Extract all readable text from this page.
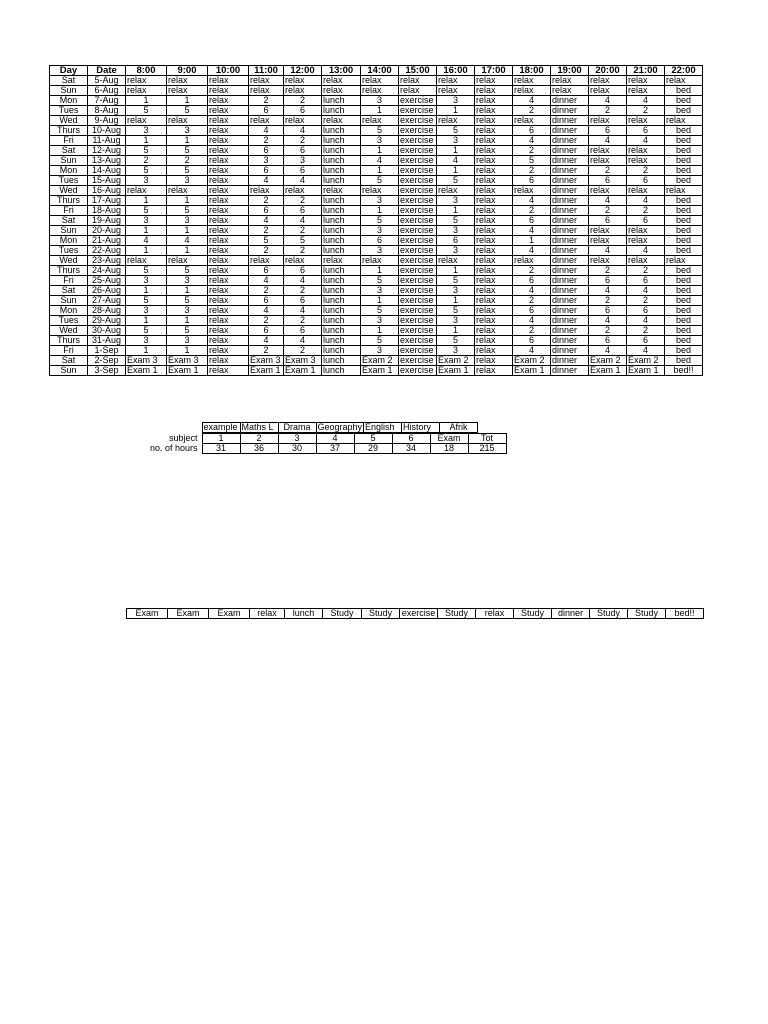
Day	Date	8:00	9:00	10:00	11:00	12:00	13:00	14:00	15:00	16:00	17:00	18:00	19:00	20:00	21:00	22:00
Sat	5-Aug	relax	relax	relax	relax	relax	relax	relax	relax	relax	relax	relax	relax	relax	relax	relax
Sun	6-Aug	relax	relax	relax	relax	relax	relax	relax	relax	relax	relax	relax	relax	relax	relax	bed
Mon	7-Aug	1	1	relax	2	2	lunch	3	exercise	3	relax	4	dinner	4	4	bed
Tues	8-Aug	5	5	relax	6	6	lunch	1	exercise	1	relax	2	dinner	2	2	bed
Wed	9-Aug	relax	relax	relax	relax	relax	relax	relax	exercise	relax	relax	relax	dinner	relax	relax	relax
Thurs	10-Aug	3	3	relax	4	4	lunch	5	exercise	5	relax	6	dinner	6	6	bed
Fri	11-Aug	1	1	relax	2	2	lunch	3	exercise	3	relax	4	dinner	4	4	bed
Sat	12-Aug	5	5	relax	6	6	lunch	1	exercise	1	relax	2	dinner	relax	relax	bed
Sun	13-Aug	2	2	relax	3	3	lunch	4	exercise	4	relax	5	dinner	relax	relax	bed
Mon	14-Aug	5	5	relax	6	6	lunch	1	exercise	1	relax	2	dinner	2	2	bed
Tues	15-Aug	3	3	relax	4	4	lunch	5	exercise	5	relax	6	dinner	6	6	bed
Wed	16-Aug	relax	relax	relax	relax	relax	relax	relax	exercise	relax	relax	relax	dinner	relax	relax	relax
Thurs	17-Aug	1	1	relax	2	2	lunch	3	exercise	3	relax	4	dinner	4	4	bed
Fri	18-Aug	5	5	relax	6	6	lunch	1	exercise	1	relax	2	dinner	2	2	bed
Sat	19-Aug	3	3	relax	4	4	lunch	5	exercise	5	relax	6	dinner	6	6	bed
Sun	20-Aug	1	1	relax	2	2	lunch	3	exercise	3	relax	4	dinner	relax	relax	bed
Mon	21-Aug	4	4	relax	5	5	lunch	6	exercise	6	relax	1	dinner	relax	relax	bed
Tues	22-Aug	1	1	relax	2	2	lunch	3	exercise	3	relax	4	dinner	4	4	bed
Wed	23-Aug	relax	relax	relax	relax	relax	relax	relax	exercise	relax	relax	relax	dinner	relax	relax	relax
Thurs	24-Aug	5	5	relax	6	6	lunch	1	exercise	1	relax	2	dinner	2	2	bed
Fri	25-Aug	3	3	relax	4	4	lunch	5	exercise	5	relax	6	dinner	6	6	bed
Sat	26-Aug	1	1	relax	2	2	lunch	3	exercise	3	relax	4	dinner	4	4	bed
Sun	27-Aug	5	5	relax	6	6	lunch	1	exercise	1	relax	2	dinner	2	2	bed
Mon	28-Aug	3	3	relax	4	4	lunch	5	exercise	5	relax	6	dinner	6	6	bed
Tues	29-Aug	1	1	relax	2	2	lunch	3	exercise	3	relax	4	dinner	4	4	bed
Wed	30-Aug	5	5	relax	6	6	lunch	1	exercise	1	relax	2	dinner	2	2	bed
Thurs	31-Aug	3	3	relax	4	4	lunch	5	exercise	5	relax	6	dinner	6	6	bed
Fri	1-Sep	1	1	relax	2	2	lunch	3	exercise	3	relax	4	dinner	4	4	bed
Sat	2-Sep	Exam 3	Exam 3	relax	Exam 3	Exam 3	lunch	Exam 2	exercise	Exam 2	relax	Exam 2	dinner	Exam 2	Exam 2	bed
Sun	3-Sep	Exam 1	Exam 1	relax	Exam 1	Exam 1	lunch	Exam 1	exercise	Exam 1	relax	Exam 1	dinner	Exam 1	Exam 1	bed!!
	example	Maths L	Drama	Geography	English	History	Afrik	
subject	1	2	3	4	5	6	Exam	Tot
no. of hours	31	36	30	37	29	34	18	215
Exam	Exam	Exam	relax	lunch	Study	Study	exercise	Study	relax	Study	dinner	Study	Study	bed!!
